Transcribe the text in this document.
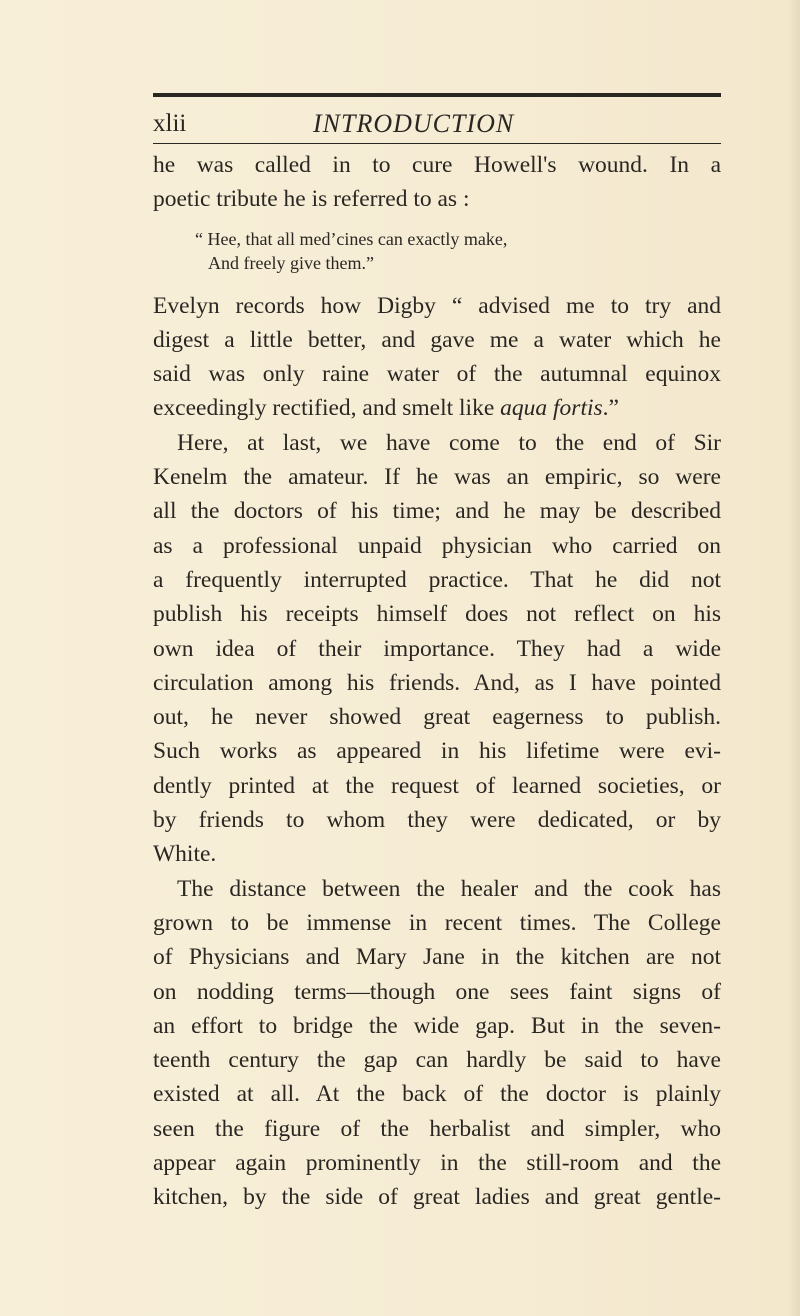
xlii	INTRODUCTION
he was called in to cure Howell's wound. In a
poetic tribute he is referred to as :
“ Hee, that all med’cines can exactly make,
And freely give them.”
Evelyn records how Digby “ advised me to try and
digest a little better, and gave me a water which he
said was only raine water of the autumnal equinox
exceedingly rectified, and smelt like aqua fortis.”
Here, at last, we have come to the end of Sir
Kenelm the amateur. If he was an empiric, so were
all the doctors of his time; and he may be described
as a professional unpaid physician who carried on
a frequently interrupted practice. That he did not
publish his receipts himself does not reflect on his
own idea of their importance. They had a wide
circulation among his friends. And, as I have pointed
out, he never showed great eagerness to publish.
Such works as appeared in his lifetime were evi-
dently printed at the request of learned societies, or
by friends to whom they were dedicated, or by
White.
The distance between the healer and the cook has
grown to be immense in recent times. The College
of Physicians and Mary Jane in the kitchen are not
on nodding terms—though one sees faint signs of
an effort to bridge the wide gap. But in the seven-
teenth century the gap can hardly be said to have
existed at all. At the back of the doctor is plainly
seen the figure of the herbalist and simpler, who
appear again prominently in the still-room and the
kitchen, by the side of great ladies and great gentle-
